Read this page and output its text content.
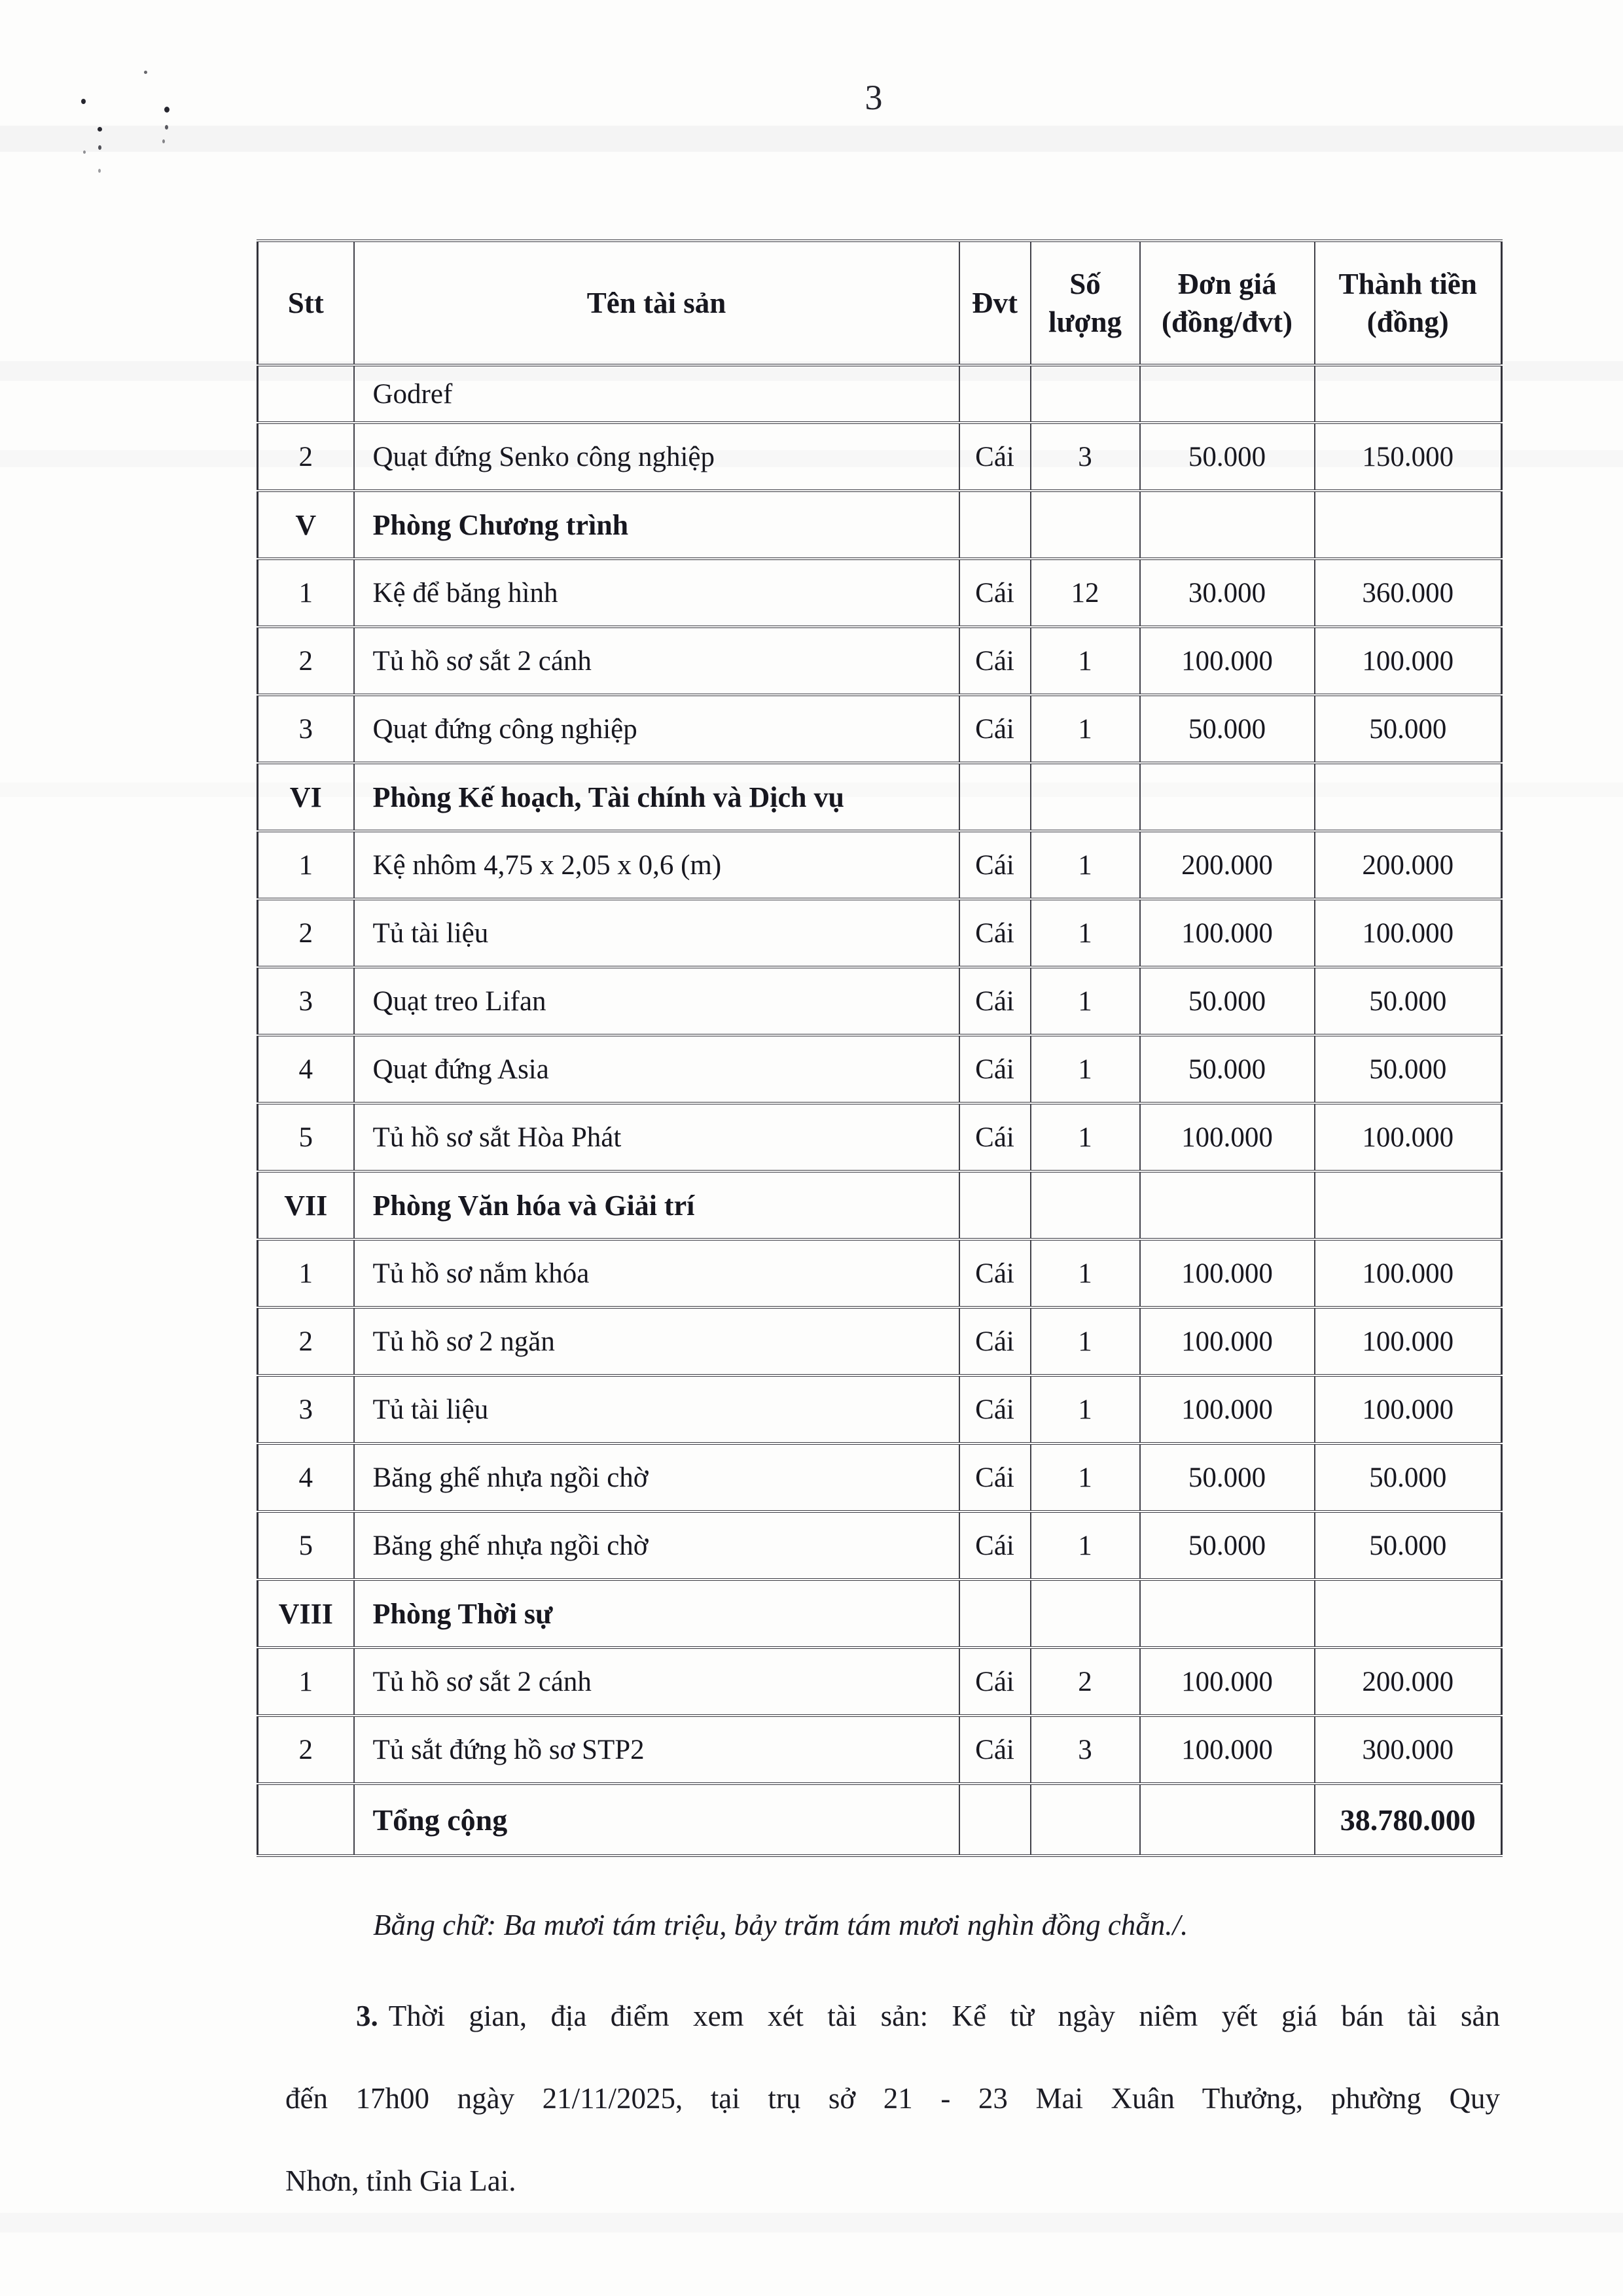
3
Stt	Tên tài sản	Đvt	Số lượng	Đơn giá (đồng/đvt)	Thành tiền (đồng)
	Godref				
2	Quạt đứng Senko công nghiệp	Cái	3	50.000	150.000
V	Phòng Chương trình				
1	Kệ để băng hình	Cái	12	30.000	360.000
2	Tủ hồ sơ sắt 2 cánh	Cái	1	100.000	100.000
3	Quạt đứng công nghiệp	Cái	1	50.000	50.000
VI	Phòng Kế hoạch, Tài chính và Dịch vụ				
1	Kệ nhôm 4,75 x 2,05 x 0,6 (m)	Cái	1	200.000	200.000
2	Tủ tài liệu	Cái	1	100.000	100.000
3	Quạt treo Lifan	Cái	1	50.000	50.000
4	Quạt đứng Asia	Cái	1	50.000	50.000
5	Tủ hồ sơ sắt Hòa Phát	Cái	1	100.000	100.000
VII	Phòng Văn hóa và Giải trí				
1	Tủ hồ sơ nắm khóa	Cái	1	100.000	100.000
2	Tủ hồ sơ 2 ngăn	Cái	1	100.000	100.000
3	Tủ tài liệu	Cái	1	100.000	100.000
4	Băng ghế nhựa ngồi chờ	Cái	1	50.000	50.000
5	Băng ghế nhựa ngồi chờ	Cái	1	50.000	50.000
VIII	Phòng Thời sự				
1	Tủ hồ sơ sắt 2 cánh	Cái	2	100.000	200.000
2	Tủ sắt đứng hồ sơ STP2	Cái	3	100.000	300.000
	Tổng cộng				38.780.000
Bằng chữ: Ba mươi tám triệu, bảy trăm tám mươi nghìn đồng chẵn./.
3. Thời gian, địa điểm xem xét tài sản: Kể từ ngày niêm yết giá bán tài sản
đến 17h00 ngày 21/11/2025, tại trụ sở 21 - 23 Mai Xuân Thưởng, phường Quy
Nhơn, tỉnh Gia Lai.
